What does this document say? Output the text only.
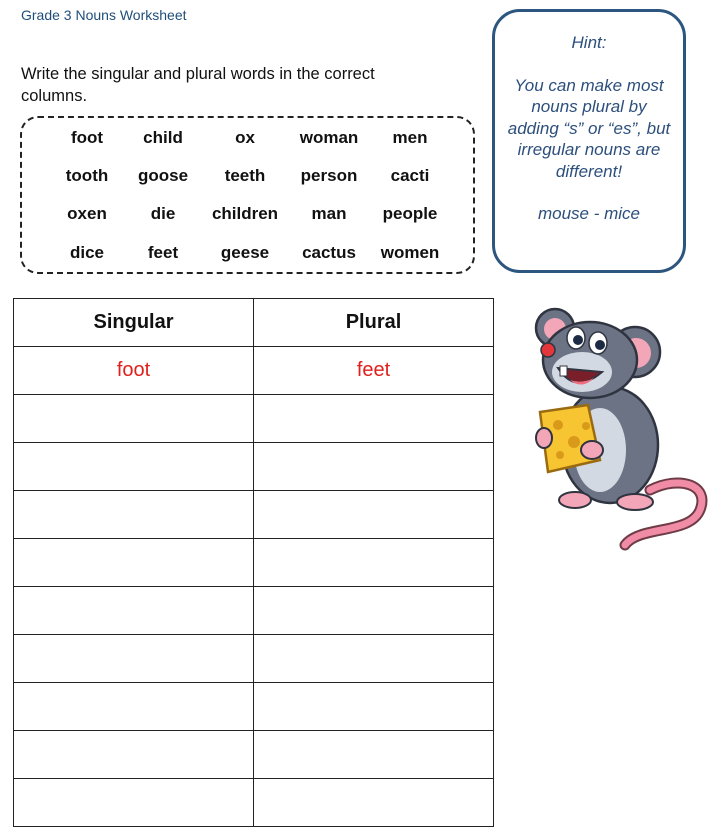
Grade 3 Nouns Worksheet
Write the singular and plural words in the correct columns.
foot child	ox	woman men
tooth goose teeth person cacti
oxen	die children man people
dice	feet	geese cactus women
Hint:
You can make most nouns plural by adding “s” or “es”, but irregular nouns are different!
mouse - mice
Singular	Plural
foot	feet
